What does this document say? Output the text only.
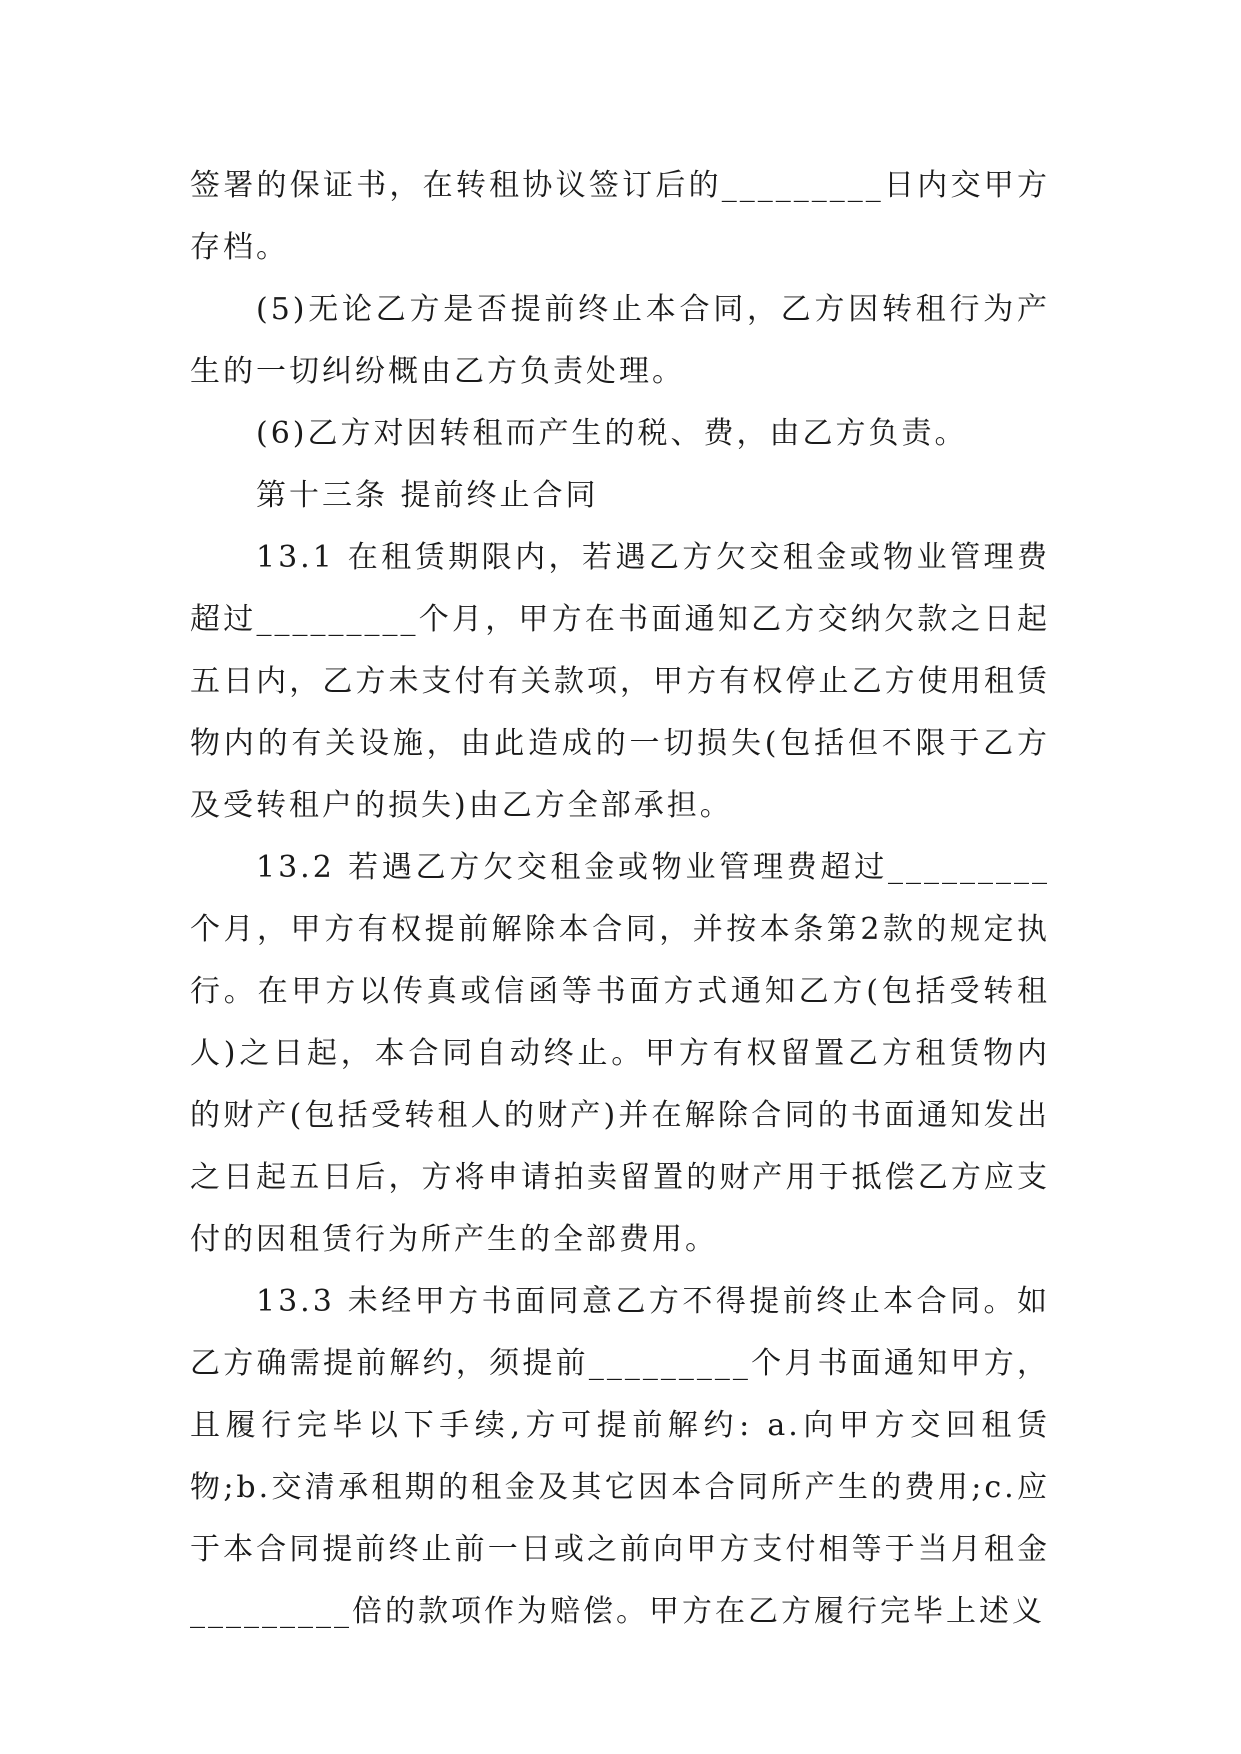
签署的保证书，在转租协议签订后的_________日内交甲方存档。

(5)无论乙方是否提前终止本合同，乙方因转租行为产生的一切纠纷概由乙方负责处理。

(6)乙方对因转租而产生的税、费，由乙方负责。

第十三条 提前终止合同

13.1 在租赁期限内，若遇乙方欠交租金或物业管理费超过_________个月，甲方在书面通知乙方交纳欠款之日起五日内，乙方未支付有关款项，甲方有权停止乙方使用租赁物内的有关设施，由此造成的一切损失(包括但不限于乙方及受转租户的损失)由乙方全部承担。

13.2 若遇乙方欠交租金或物业管理费超过_________个月，甲方有权提前解除本合同，并按本条第2款的规定执行。在甲方以传真或信函等书面方式通知乙方(包括受转租人)之日起，本合同自动终止。甲方有权留置乙方租赁物内的财产(包括受转租人的财产)并在解除合同的书面通知发出之日起五日后，方将申请拍卖留置的财产用于抵偿乙方应支付的因租赁行为所产生的全部费用。

13.3 未经甲方书面同意乙方不得提前终止本合同。如乙方确需提前解约，须提前_________个月书面通知甲方，且履行完毕以下手续,方可提前解约: a.向甲方交回租赁物;b.交清承租期的租金及其它因本合同所产生的费用;c.应于本合同提前终止前一日或之前向甲方支付相等于当月租金_________倍的款项作为赔偿。甲方在乙方履行完毕上述义
